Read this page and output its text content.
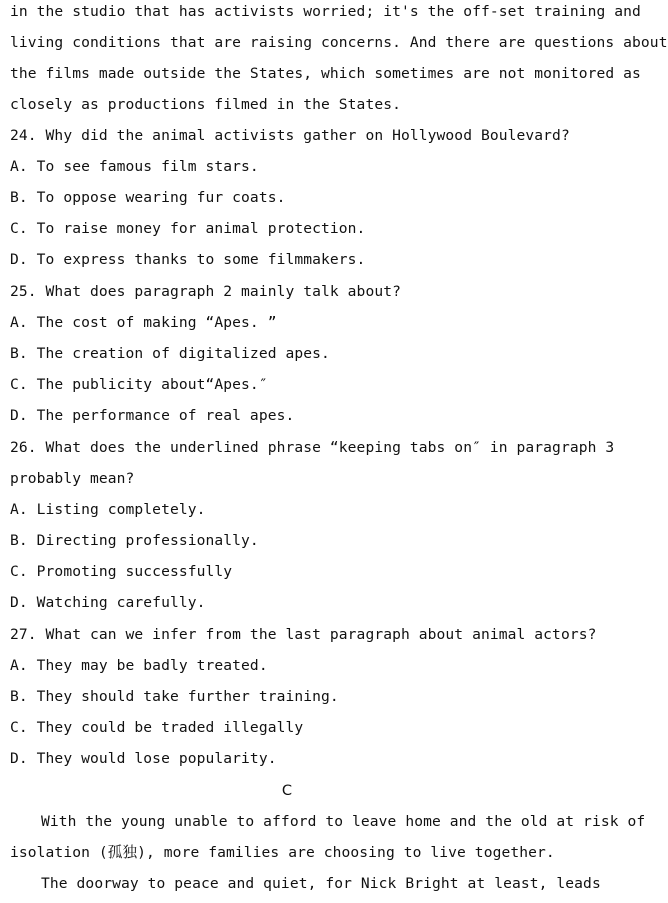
in the studio that has activists worried; it's the off-set training and
living conditions that are raising concerns. And there are questions about
the films made outside the States, which sometimes are not monitored as
closely as productions filmed in the States.
24. Why did the animal activists gather on Hollywood Boulevard?
A. To see famous film stars.
B. To oppose wearing fur coats.
C. To raise money for animal protection.
D. To express thanks to some filmmakers.
25. What does paragraph 2 mainly talk about?
A. The cost of making “Apes. ”
B. The creation of digitalized apes.
C. The publicity about“Apes.″
D. The performance of real apes.
26. What does the underlined phrase “keeping tabs on″ in paragraph 3
probably mean?
A. Listing completely.
B. Directing professionally.
C. Promoting successfully
D. Watching carefully.
27. What can we infer from the last paragraph about animal actors?
A. They may be badly treated.
B. They should take further training.
C. They could be traded illegally
D. They would lose popularity.
C
With the young unable to afford to leave home and the old at risk of
isolation (孤独), more families are choosing to live together.
The doorway to peace and quiet, for Nick Bright at least, leads
